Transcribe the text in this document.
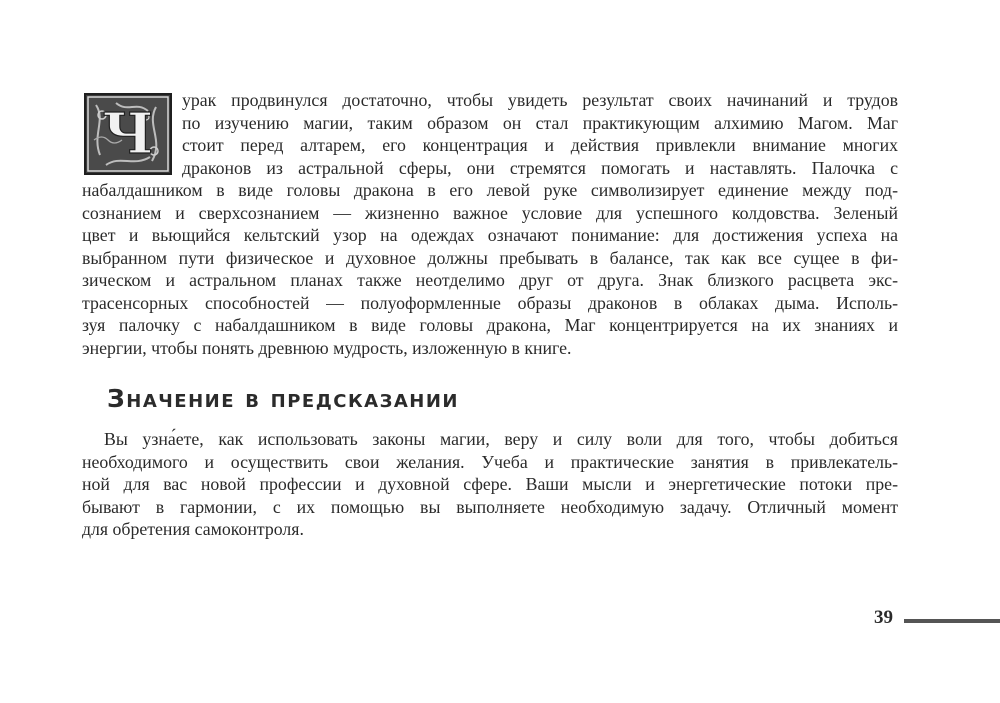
Ч
урак продвинулся достаточно, чтобы увидеть результат своих начинаний и трудов
по изучению магии, таким образом он стал практикующим алхимию Магом. Маг
стоит перед алтарем, его концентрация и действия привлекли внимание многих
драконов из астральной сферы, они стремятся помогать и наставлять. Палочка с
набалдашником в виде головы дракона в его левой руке символизирует единение между под-
сознанием и сверхсознанием — жизненно важное условие для успешного колдовства. Зеленый
цвет и вьющийся кельтский узор на одеждах означают понимание: для достижения успеха на
выбранном пути физическое и духовное должны пребывать в балансе, так как все сущее в фи-
зическом и астральном планах также неотделимо друг от друга. Знак близкого расцвета экс-
трасенсорных способностей — полуоформленные образы драконов в облаках дыма. Исполь-
зуя палочку с набалдашником в виде головы дракона, Маг концентрируется на их знаниях и
энергии, чтобы понять древнюю мудрость, изложенную в книге.
Значение в предсказании
Вы узна́ете, как использовать законы магии, веру и силу воли для того, чтобы добиться
необходимого и осуществить свои желания. Учеба и практические занятия в привлекатель-
ной для вас новой профессии и духовной сфере. Ваши мысли и энергетические потоки пре-
бывают в гармонии, с их помощью вы выполняете необходимую задачу. Отличный момент
для обретения самоконтроля.
39
